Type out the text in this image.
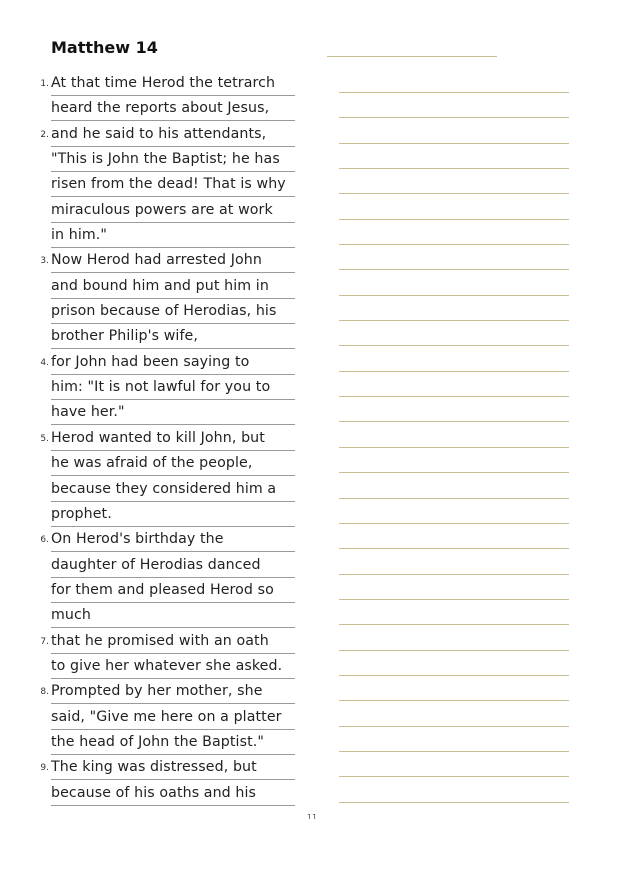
Matthew 14
1. At that time Herod the tetrarch
heard the reports about Jesus,
2. and he said to his attendants,
"This is John the Baptist; he has
risen from the dead! That is why
miraculous powers are at work
in him."
3. Now Herod had arrested John
and bound him and put him in
prison because of Herodias, his
brother Philip's wife,
4. for John had been saying to
him: "It is not lawful for you to
have her."
5. Herod wanted to kill John, but
he was afraid of the people,
because they considered him a
prophet.
6. On Herod's birthday the
daughter of Herodias danced
for them and pleased Herod so
much
7. that he promised with an oath
to give her whatever she asked.
8. Prompted by her mother, she
said, "Give me here on a platter
the head of John the Baptist."
9. The king was distressed, but
because of his oaths and his
11
